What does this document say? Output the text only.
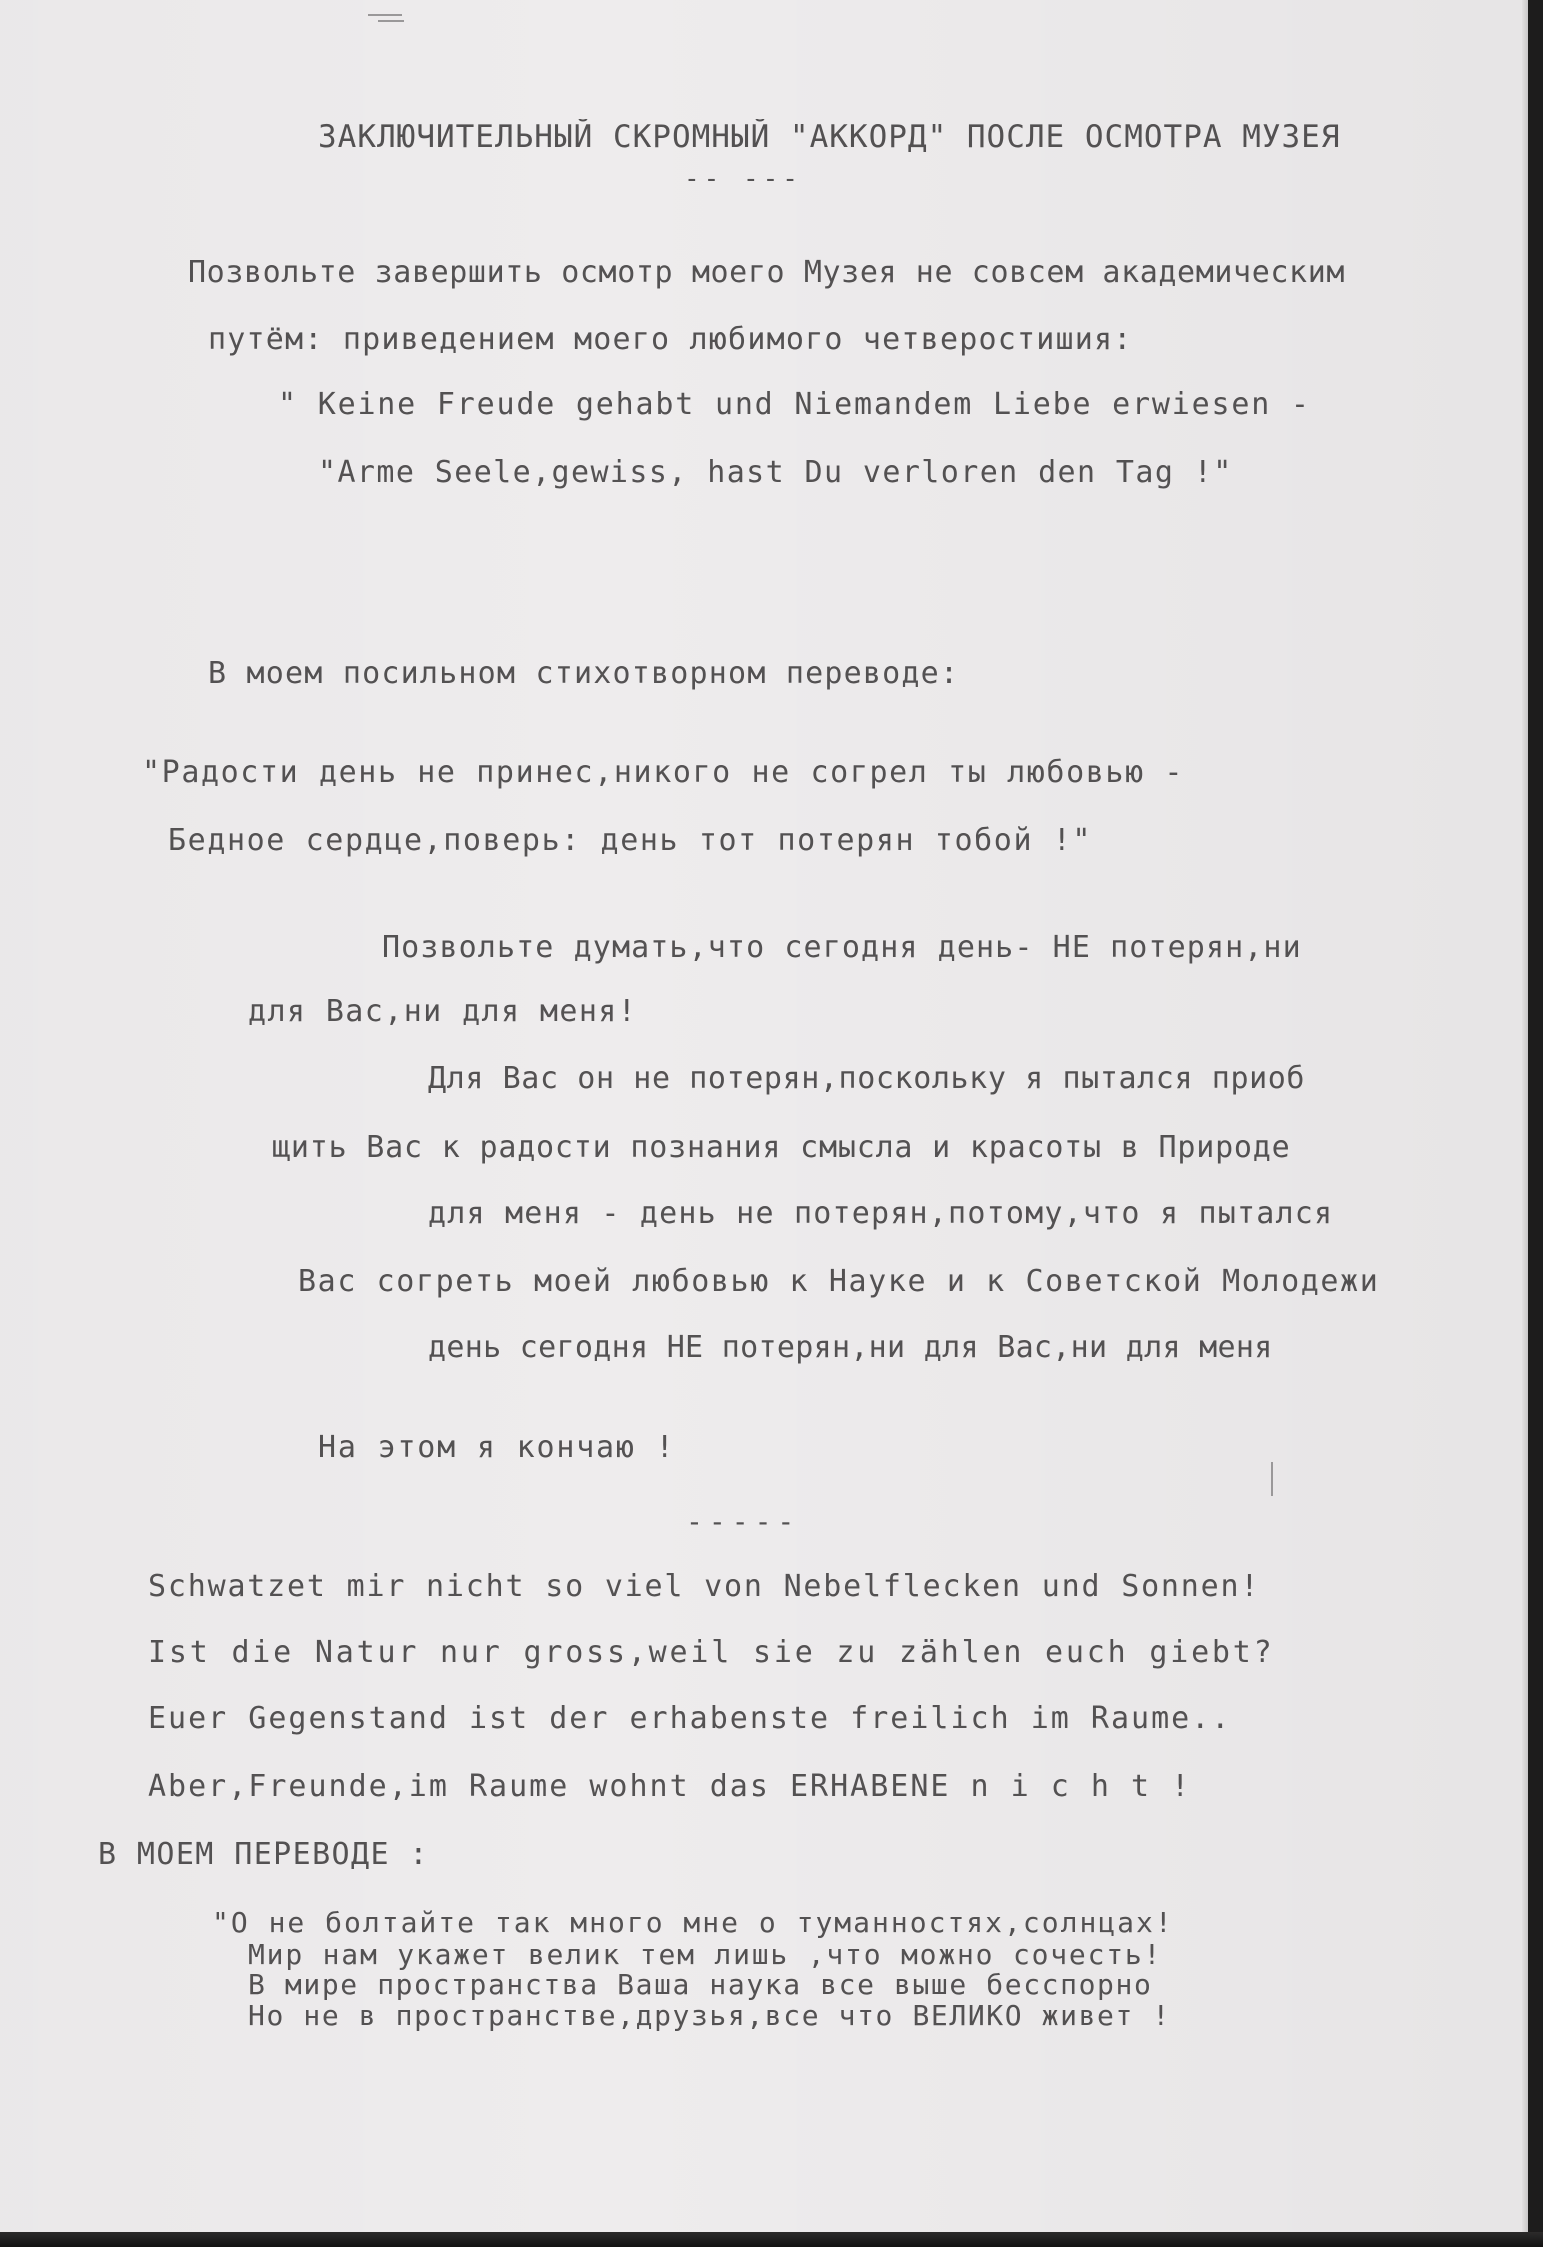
ЗАКЛЮЧИТЕЛЬНЫЙ СКРОМНЫЙ "АККОРД" ПОСЛЕ ОСМОТРА МУЗЕЯ
-- ---
Позвольте завершить осмотр моего Музея не совсем академическим
путём: приведением моего любимого четверостишия:
" Keine Freude gehabt und Niemandem Liebe erwiesen -
"Arme Seele,gewiss, hast Du verloren den Tag !"
В моем посильном стихотворном переводе:
"Радости день не принес,никого не согрел ты любовью -
Бедное сердце,поверь: день тот потерян тобой !"
Позвольте думать,что сегодня день- НЕ потерян,ни
для Вас,ни для меня!
Для Вас он не потерян,поскольку я пытался приоб
щить Вас к радости познания смысла и красоты в Природе
для меня - день не потерян,потому,что я пытался
Вас согреть моей любовью к Науке и к Советской Молодежи
день сегодня НЕ потерян,ни для Вас,ни для меня
На этом я кончаю !
-----
Schwatzet mir nicht so viel von Nebelflecken und Sonnen!
Ist die Natur nur gross,weil sie zu zählen euch giebt?
Euer Gegenstand ist der erhabenste freilich im Raume..
Aber,Freunde,im Raume wohnt das ERHABENE n i c h t !
В МОЕМ ПЕРЕВОДЕ :
"О не болтайте так много мне о туманностях,солнцах!
Мир нам укажет велик тем лишь ,что можно сочесть!
В мире пространства Ваша наука все выше бесспорно
Но не в пространстве,друзья,все что ВЕЛИКО живет !
